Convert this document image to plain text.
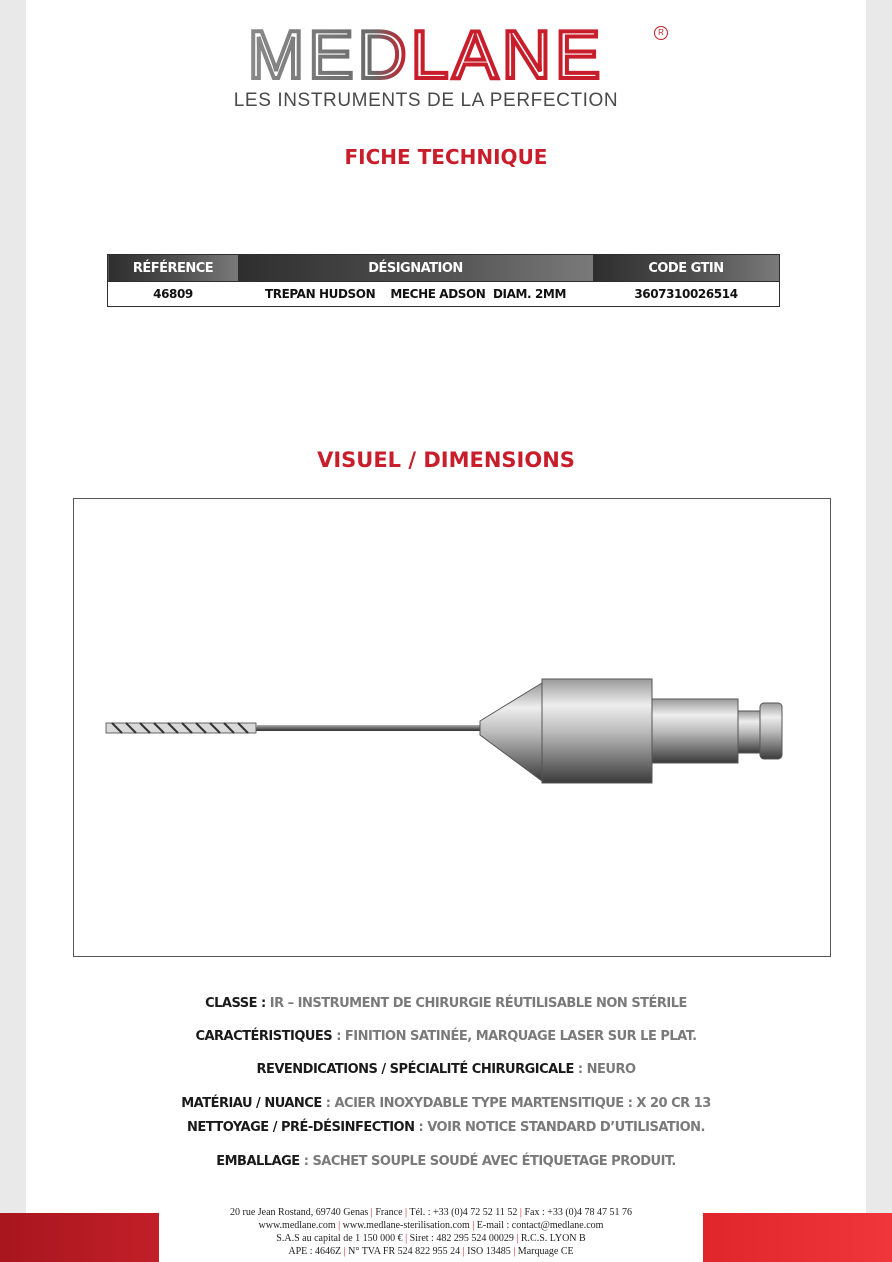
MEDLANE	R
LES INSTRUMENTS DE LA PERFECTION
FICHE TECHNIQUE
RÉFÉRENCE	DÉSIGNATION	CODE GTIN
46809	TREPAN HUDSON    MECHE ADSON  DIAM. 2MM	3607310026514
VISUEL / DIMENSIONS
CLASSE : IR – INSTRUMENT DE CHIRURGIE RÉUTILISABLE NON STÉRILE
CARACTÉRISTIQUES : FINITION SATINÉE, MARQUAGE LASER SUR LE PLAT.
REVENDICATIONS / SPÉCIALITÉ CHIRURGICALE : NEURO
MATÉRIAU / NUANCE : ACIER INOXYDABLE TYPE MARTENSITIQUE : X 20 CR 13
NETTOYAGE / PRÉ-DÉSINFECTION : VOIR NOTICE STANDARD D’UTILISATION.
EMBALLAGE : SACHET SOUPLE SOUDÉ AVEC ÉTIQUETAGE PRODUIT.
20 rue Jean Rostand, 69740 Genas | France | Tél. : +33 (0)4 72 52 11 52 | Fax : +33 (0)4 78 47 51 76
www.medlane.com | www.medlane-sterilisation.com | E-mail : contact@medlane.com
S.A.S au capital de 1 150 000 € | Siret : 482 295 524 00029 | R.C.S. LYON B
APE : 4646Z | N° TVA FR 524 822 955 24 | ISO 13485 | Marquage CE
